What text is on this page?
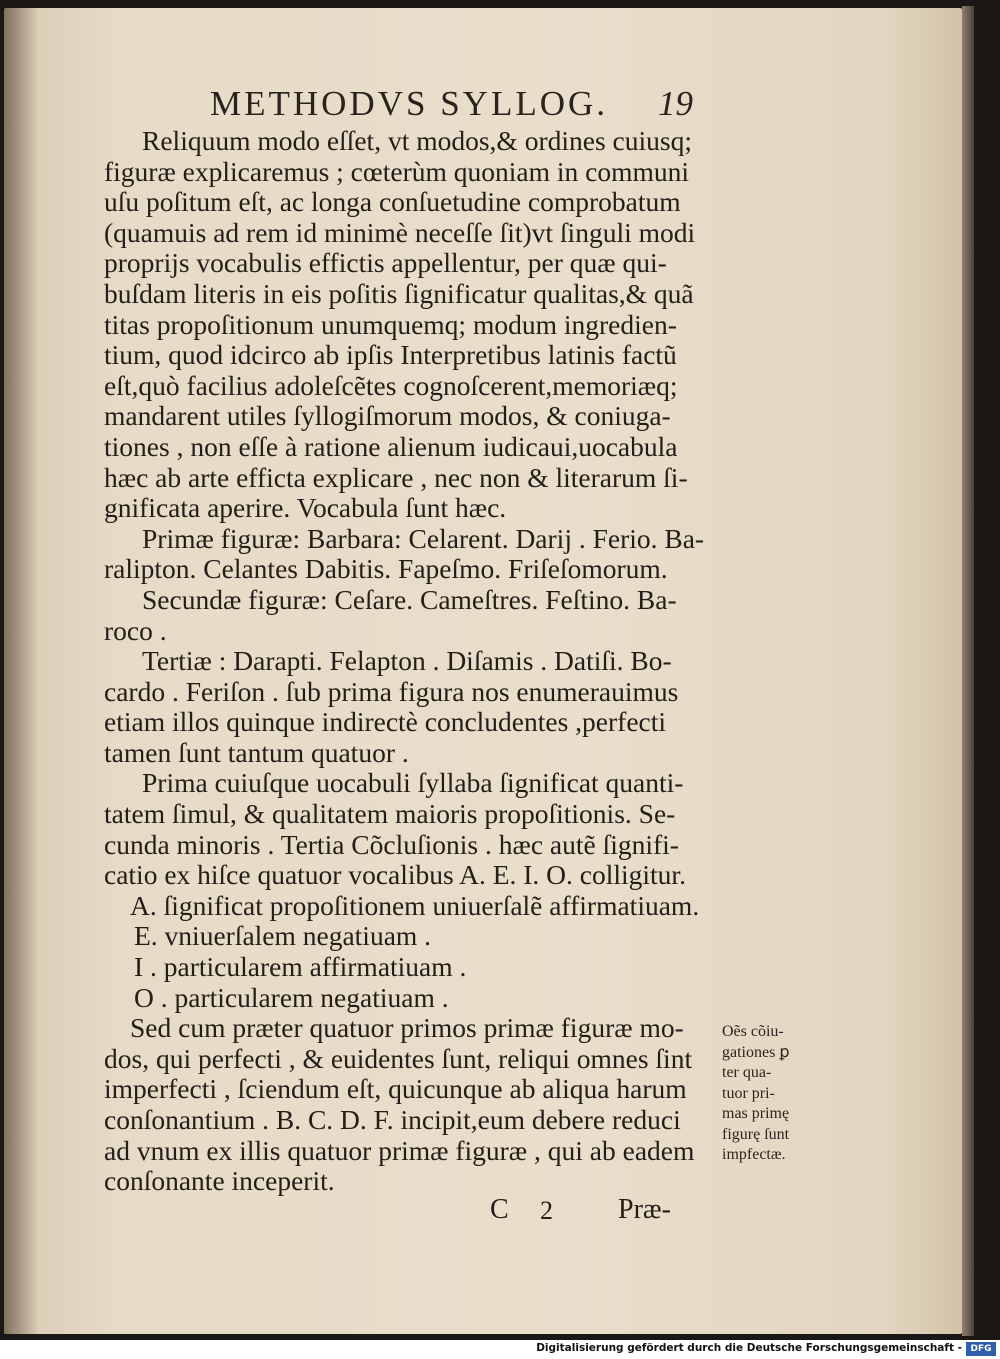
METHODVS SYLLOG. 19
Reliquum modo eſſet, vt modos,& ordines cuiusq;
figuræ explicaremus ; cœterùm quoniam in communi
uſu poſitum eſt, ac longa conſuetudine comprobatum
(quamuis ad rem id minimè neceſſe ſit)vt ſinguli modi
proprijs vocabulis effictis appellentur, per quæ qui-
buſdam literis in eis poſitis ſignificatur qualitas,& quã
titas propoſitionum unumquemq; modum ingredien-
tium, quod idcirco ab ipſis Interpretibus latinis factũ
eſt,quò facilius adoleſcẽtes cognoſcerent,memoriæq;
mandarent utiles ſyllogiſmorum modos, & coniuga-
tiones , non eſſe à ratione alienum iudicaui,uocabula
hæc ab arte efficta explicare , nec non & literarum ſi-
gnificata aperire. Vocabula ſunt hæc.
Primæ figuræ: Barbara: Celarent. Darij . Ferio. Ba-
ralipton. Celantes Dabitis. Fapeſmo. Friſeſomorum.
Secundæ figuræ: Ceſare. Cameſtres. Feſtino. Ba-
roco .
Tertiæ : Darapti. Felapton . Diſamis . Datiſi. Bo-
cardo . Feriſon . ſub prima figura nos enumerauimus
etiam illos quinque indirectè concludentes ,perfecti
tamen ſunt tantum quatuor .
Prima cuiuſque uocabuli ſyllaba ſignificat quanti-
tatem ſimul, & qualitatem maioris propoſitionis. Se-
cunda minoris . Tertia Cõcluſionis . hæc autẽ ſignifi-
catio ex hiſce quatuor vocalibus A. E. I. O. colligitur.
A. ſignificat propoſitionem uniuerſalẽ affirmatiuam.
E. vniuerſalem negatiuam .
I . particularem affirmatiuam .
O . particularem negatiuam .
Sed cum præter quatuor primos primæ figuræ mo-
dos, qui perfecti , & euidentes ſunt, reliqui omnes ſint
imperfecti , ſciendum eſt, quicunque ab aliqua harum
conſonantium . B. C. D. F. incipit,eum debere reduci
ad vnum ex illis quatuor primæ figuræ , qui ab eadem
conſonante inceperit.
Oẽs cõiu-
gationes ꝑ
ter qua-
tuor pri-
mas primę
figurę ſunt
impfectæ.
C 2 Præ-
Digitalisierung gefördert durch die Deutsche Forschungsgemeinschaft - DFG
